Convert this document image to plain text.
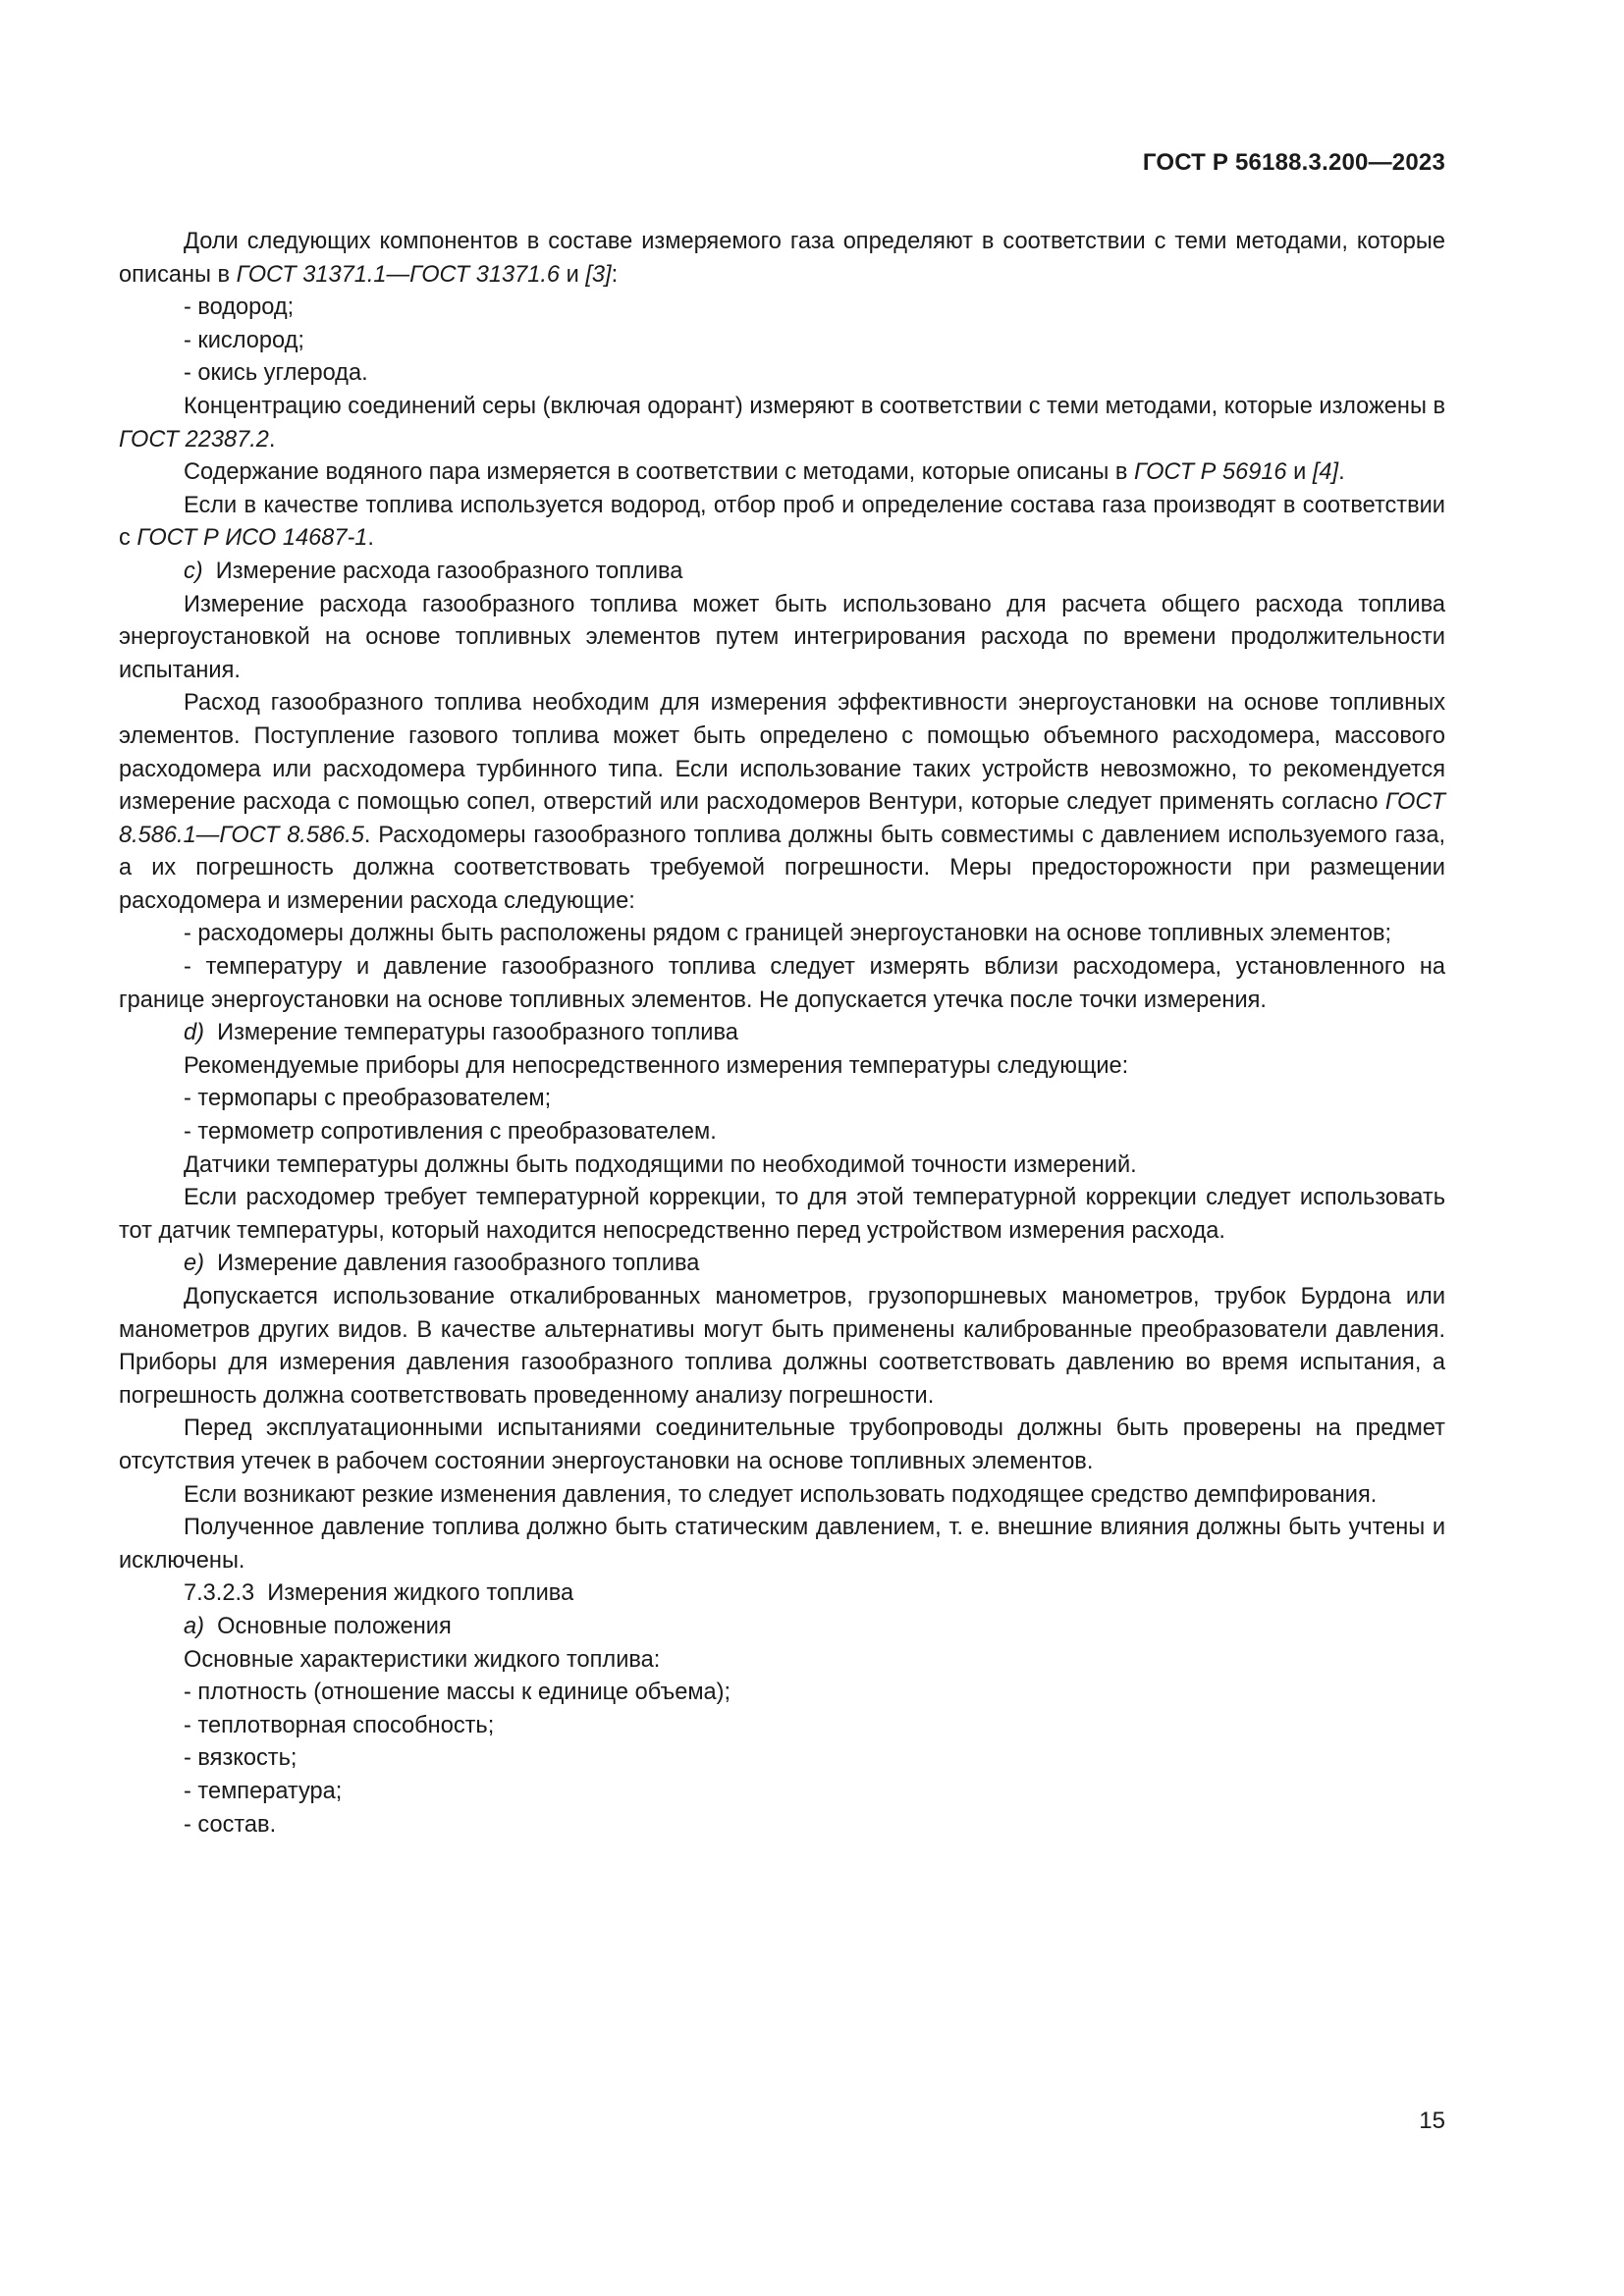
ГОСТ Р 56188.3.200—2023

Доли следующих компонентов в составе измеряемого газа определяют в соответствии с теми методами, которые описаны в ГОСТ 31371.1—ГОСТ 31371.6 и [3]:

- водород;

- кислород;

- окись углерода.

Концентрацию соединений серы (включая одорант) измеряют в соответствии с теми методами, которые изложены в ГОСТ 22387.2.

Содержание водяного пара измеряется в соответствии с методами, которые описаны в ГОСТ Р 56916 и [4].

Если в качестве топлива используется водород, отбор проб и определение состава газа производят в соответствии с ГОСТ Р ИСО 14687-1.

c) Измерение расхода газообразного топлива

Измерение расхода газообразного топлива может быть использовано для расчета общего расхода топлива энергоустановкой на основе топливных элементов путем интегрирования расхода по времени продолжительности испытания.

Расход газообразного топлива необходим для измерения эффективности энергоустановки на основе топливных элементов. Поступление газового топлива может быть определено с помощью объемного расходомера, массового расходомера или расходомера турбинного типа. Если использование таких устройств невозможно, то рекомендуется измерение расхода с помощью сопел, отверстий или расходомеров Вентури, которые следует применять согласно ГОСТ 8.586.1—ГОСТ 8.586.5. Расходомеры газообразного топлива должны быть совместимы с давлением используемого газа, а их погрешность должна соответствовать требуемой погрешности. Меры предосторожности при размещении расходомера и измерении расхода следующие:

- расходомеры должны быть расположены рядом с границей энергоустановки на основе топливных элементов;

- температуру и давление газообразного топлива следует измерять вблизи расходомера, установленного на границе энергоустановки на основе топливных элементов. Не допускается утечка после точки измерения.

d) Измерение температуры газообразного топлива

Рекомендуемые приборы для непосредственного измерения температуры следующие:

- термопары с преобразователем;

- термометр сопротивления с преобразователем.

Датчики температуры должны быть подходящими по необходимой точности измерений.

Если расходомер требует температурной коррекции, то для этой температурной коррекции следует использовать тот датчик температуры, который находится непосредственно перед устройством измерения расхода.

e) Измерение давления газообразного топлива

Допускается использование откалиброванных манометров, грузопоршневых манометров, трубок Бурдона или манометров других видов. В качестве альтернативы могут быть применены калиброванные преобразователи давления. Приборы для измерения давления газообразного топлива должны соответствовать давлению во время испытания, а погрешность должна соответствовать проведенному анализу погрешности.

Перед эксплуатационными испытаниями соединительные трубопроводы должны быть проверены на предмет отсутствия утечек в рабочем состоянии энергоустановки на основе топливных элементов.

Если возникают резкие изменения давления, то следует использовать подходящее средство демпфирования.

Полученное давление топлива должно быть статическим давлением, т. е. внешние влияния должны быть учтены и исключены.

7.3.2.3  Измерения жидкого топлива

a) Основные положения

Основные характеристики жидкого топлива:

- плотность (отношение массы к единице объема);

- теплотворная способность;

- вязкость;

- температура;

- состав.

15
